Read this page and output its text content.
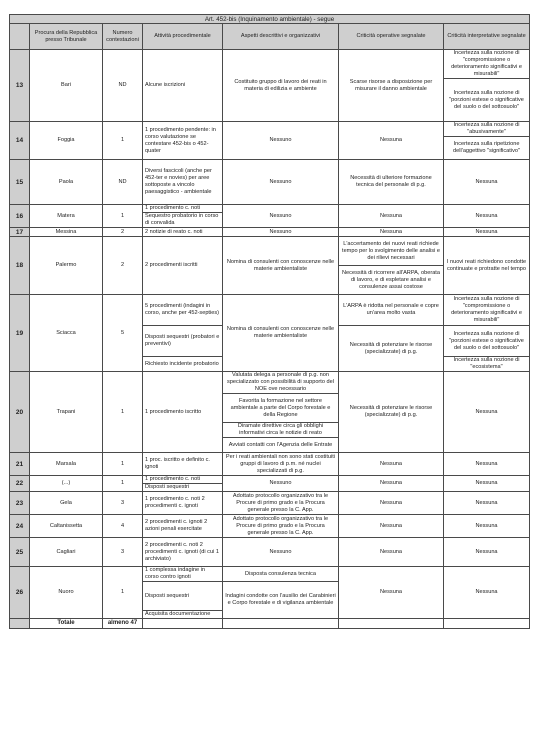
Art. 452-bis (Inquinamento ambientale) - segue						
	Procura della Repubblica presso Tribunale	Numero contestazioni	Attività procedimentale	Aspetti descrittivi e organizzativi	Criticità operative segnalate	Criticità interpretative segnalate
13	Bari	ND	Alcune iscrizioni	Costituito gruppo di lavoro dei reati in materia di edilizia e ambiente	Scarse risorse a disposizione per misurare il danno ambientale	Incertezza sulla nozione di "compromissione o deterioramento significativi e misurabili"
						Incertezza sulla nozione di "porzioni estese o significative del suolo o del sottosuolo"
14	Foggia	1	1 procedimento pendente: in corso valutazione se contestare 452-bis o 452-quater	Nessuno	Nessuna	Incertezza sulla nozione di "abusivamente"
						Incertezza sulla ripetizione dell'aggettivo "significativo"
15	Paola	ND	Diversi fascicoli (anche per 452-ter e novies) per aree sottoposte a vincolo paesaggistico - ambientale	Nessuno	Necessità di ulteriore formazione tecnica del personale di p.g.	Nessuna
16	Matera	1	1 procedimento c. noti	Nessuno	Nessuna	Nessuna
			Sequestro probatorio in corso di convalida			
17	Messina	2	2 notizie di reato c. noti	Nessuno	Nessuna	Nessuna
18	Palermo	2	2 procedimenti iscritti	Nomina di consulenti con conoscenze nelle materie ambientaliste	L'accertamento dei nuovi reati richiede tempo per lo svolgimento delle analisi e dei rilievi necessari	I nuovi reati richiedono condotte continuate e protratte nel tempo
					Necessità di ricorrere all'ARPA, oberata di lavoro, e di espletare analisi e consulenze assai costose	
19	Sciacca	5	5 procedimenti (indagini in corso, anche per 452-septies)	Nomina di consulenti con conoscenze nelle materie ambientaliste	L'ARPA è ridotta nel personale e copre un'area molto vasta	Incertezza sulla nozione di "compromissione o deterioramento significativi e misurabili"
					Necessità di potenziare le risorse (specializzate) di p.g.	Incertezza sulla nozione di "porzioni estese o significative del suolo o del sottosuolo"
			Disposti sequestri (probatori e preventivi)			
			Richiesto incidente probatorio			Incertezza sulla nozione di "ecosistema"
20	Trapani	1	1 procedimento iscritto	Valutata delega a personale di p.g. non specializzato con possibilità di supporto del NOE ove necessario	Necessità di potenziare le risorse (specializzate) di p.g.	Nessuna
				Favorita la formazione nel settore ambientale a parte del Corpo forestale e della Regione		
				Diramate direttive circa gli obblighi informativi circa le notizie di reato		
				Avviati contatti con l'Agenzia delle Entrate		
21	Marsala	1	1 proc. iscritto e definito c. ignoti	Per i reati ambientali non sono stati costituiti gruppi di lavoro di p.m. né nuclei specializzati di p.g.	Nessuna	Nessuna
22	(...)	1	1 procedimento c. noti	Nessuno	Nessuna	Nessuna
			Disposti sequestri			
23	Gela	3	1 procedimento c. noti 2 procedimenti c. ignoti	Adottato protocollo organizzativo tra le Procure di primo grado e la Procura generale presso la C. App.	Nessuna	Nessuna
24	Caltanissetta	4	2 procedimenti c. ignoti 2 azioni penali esercitate	Adottato protocollo organizzativo tra le Procure di primo grado e la Procura generale presso la C. App.	Nessuna	Nessuna
25	Cagliari	3	2 procedimenti c. noti 2 procedimenti c. ignoti (di cui 1 archiviato)	Nessuno	Nessuna	Nessuna
26	Nuoro	1	1 complessa indagine in corso contro ignoti	Disposta consulenza tecnica	Nessuna	Nessuna
			Disposti sequestri	Indagini condotte con l'ausilio dei Carabinieri e Corpo forestale e di vigilanza ambientale		
			Acquisita documentazione			
	Totale	almeno 47				
